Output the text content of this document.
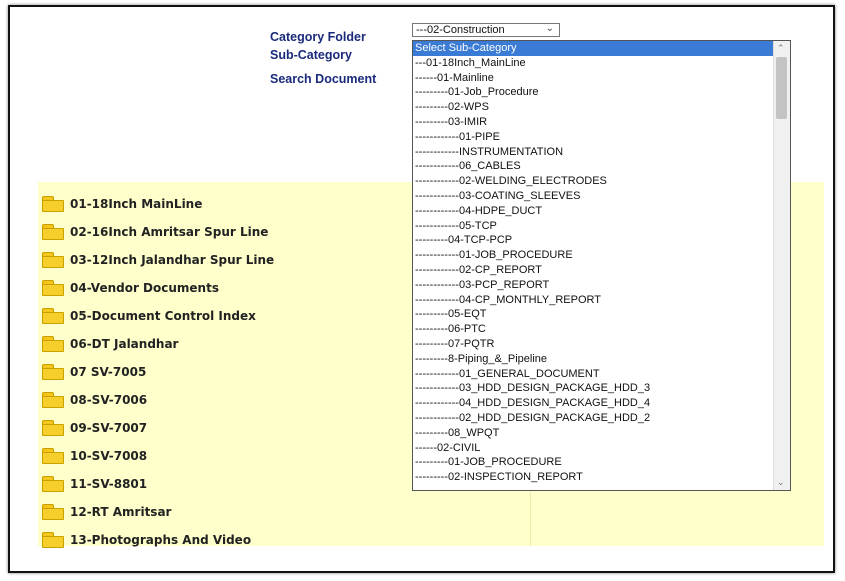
Category Folder
Sub-Category
Search Document
---02-Construction	⌄
01-18Inch MainLine
02-16Inch Amritsar Spur Line
03-12Inch Jalandhar Spur Line
04-Vendor Documents
05-Document Control Index
06-DT Jalandhar
07 SV-7005
08-SV-7006
09-SV-7007
10-SV-7008
11-SV-8801
12-RT Amritsar
13-Photographs And Video
Select Sub-Category
---01-18Inch_MainLine
------01-Mainline
---------01-Job_Procedure
---------02-WPS
---------03-IMIR
------------01-PIPE
------------INSTRUMENTATION
------------06_CABLES
------------02-WELDING_ELECTRODES
------------03-COATING_SLEEVES
------------04-HDPE_DUCT
------------05-TCP
---------04-TCP-PCP
------------01-JOB_PROCEDURE
------------02-CP_REPORT
------------03-PCP_REPORT
------------04-CP_MONTHLY_REPORT
---------05-EQT
---------06-PTC
---------07-PQTR
---------8-Piping_&_Pipeline
------------01_GENERAL_DOCUMENT
------------03_HDD_DESIGN_PACKAGE_HDD_3
------------04_HDD_DESIGN_PACKAGE_HDD_4
------------02_HDD_DESIGN_PACKAGE_HDD_2
---------08_WPQT
------02-CIVIL
---------01-JOB_PROCEDURE
---------02-INSPECTION_REPORT
⌃
⌄
